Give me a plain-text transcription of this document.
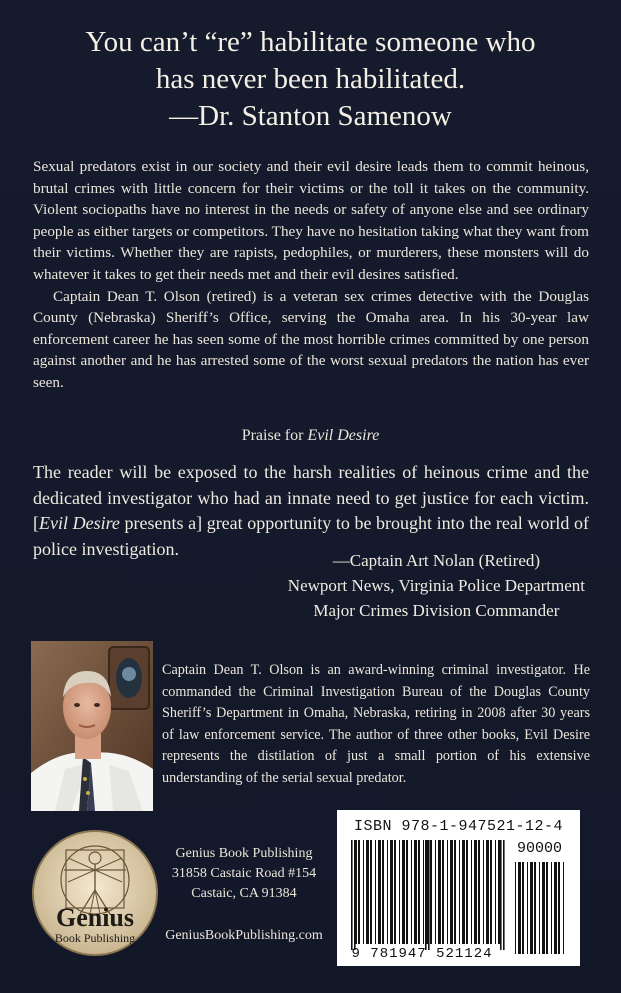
You can’t “re” habilitate someone who
has never been habilitated.
—Dr. Stanton Samenow

Sexual predators exist in our society and their evil desire leads them to commit heinous, brutal crimes with little concern for their victims or the toll it takes on the community. Violent sociopaths have no interest in the needs or safety of anyone else and see ordinary people as either targets or competitors. They have no hesitation taking what they want from their victims. Whether they are rapists, pedophiles, or murderers, these monsters will do whatever it takes to get their needs met and their evil desires satisfied.

Captain Dean T. Olson (retired) is a veteran sex crimes detective with the Douglas County (Nebraska) Sheriff’s Office, serving the Omaha area. In his 30-year law enforcement career he has seen some of the most horrible crimes committed by one person against another and he has arrested some of the worst sexual predators the nation has ever seen.

Praise for Evil Desire

The reader will be exposed to the harsh realities of heinous crime and the dedicated investigator who had an innate need to get justice for each victim. [Evil Desire presents a] great opportunity to be brought into the real world of police investigation.

—Captain Art Nolan (Retired)
Newport News, Virginia Police Department
Major Crimes Division Commander

Captain Dean T. Olson is an award-winning criminal investigator. He commanded the Criminal Investigation Bureau of the Douglas County Sheriff’s Department in Omaha, Nebraska, retiring in 2008 after 30 years of law enforcement service. The author of three other books, Evil Desire represents the distilation of just a small portion of his extensive understanding of the serial sexual predator.

Genius
Book Publishing
Genius Book Publishing
31858 Castaic Road #154
Castaic, CA 91384
GeniusBookPublishing.com
ISBN 978-1-947521-12-4
90000
9 781947 521124
